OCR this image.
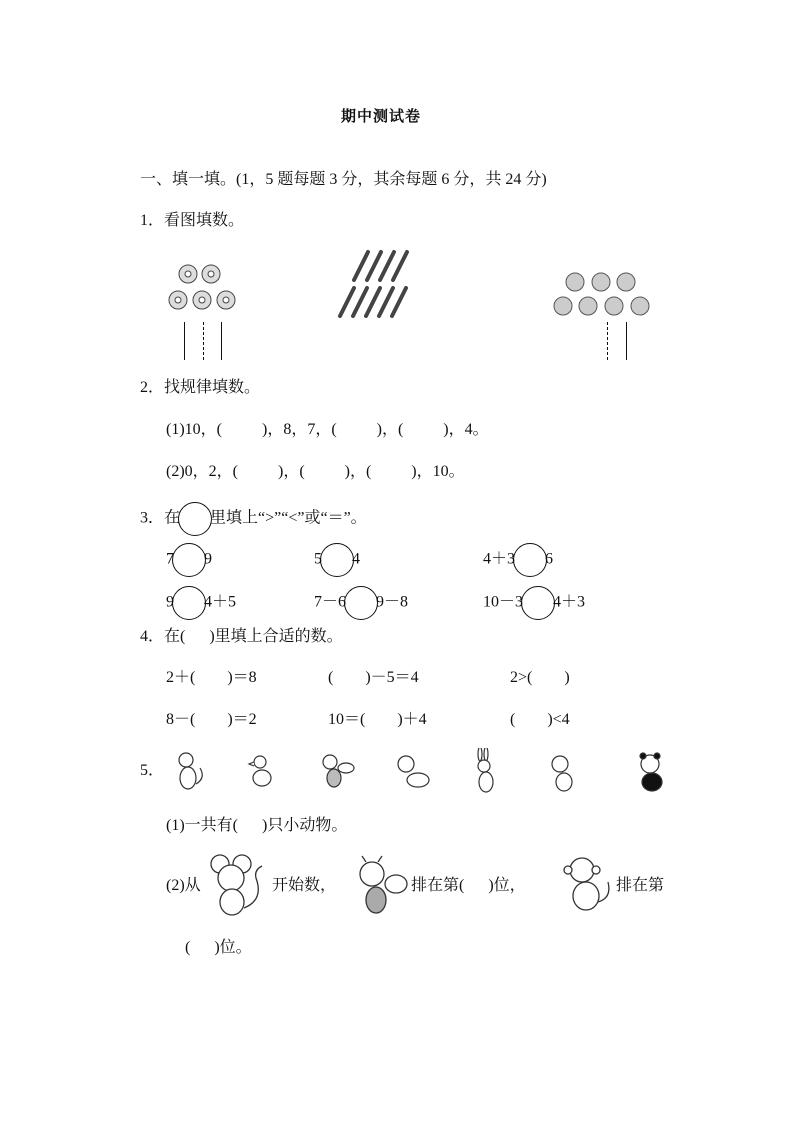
期中测试卷
一、填一填。(1，5 题每题 3 分，其余每题 6 分，共 24 分)
1．看图填数。
2．找规律填数。
(1)10，(          )，8，7，(          )，(          )，4。
(2)0，2，(          )，(          )，(          )，10。
3．在 里填上“>”“<”或“＝”。
7 9	5 4	4＋3 6
9 4＋5	7－6 9－8	10－3 4＋3
4．在(      )里填上合适的数。
2＋(        )＝8	(        )－5＝4	2>(        )
8－(        )＝2	10＝(        )＋4	(        )<4
5．
(1)一共有(      )只小动物。
(2)从	开始数，	排在第(      )位，	排在第
(      )位。
